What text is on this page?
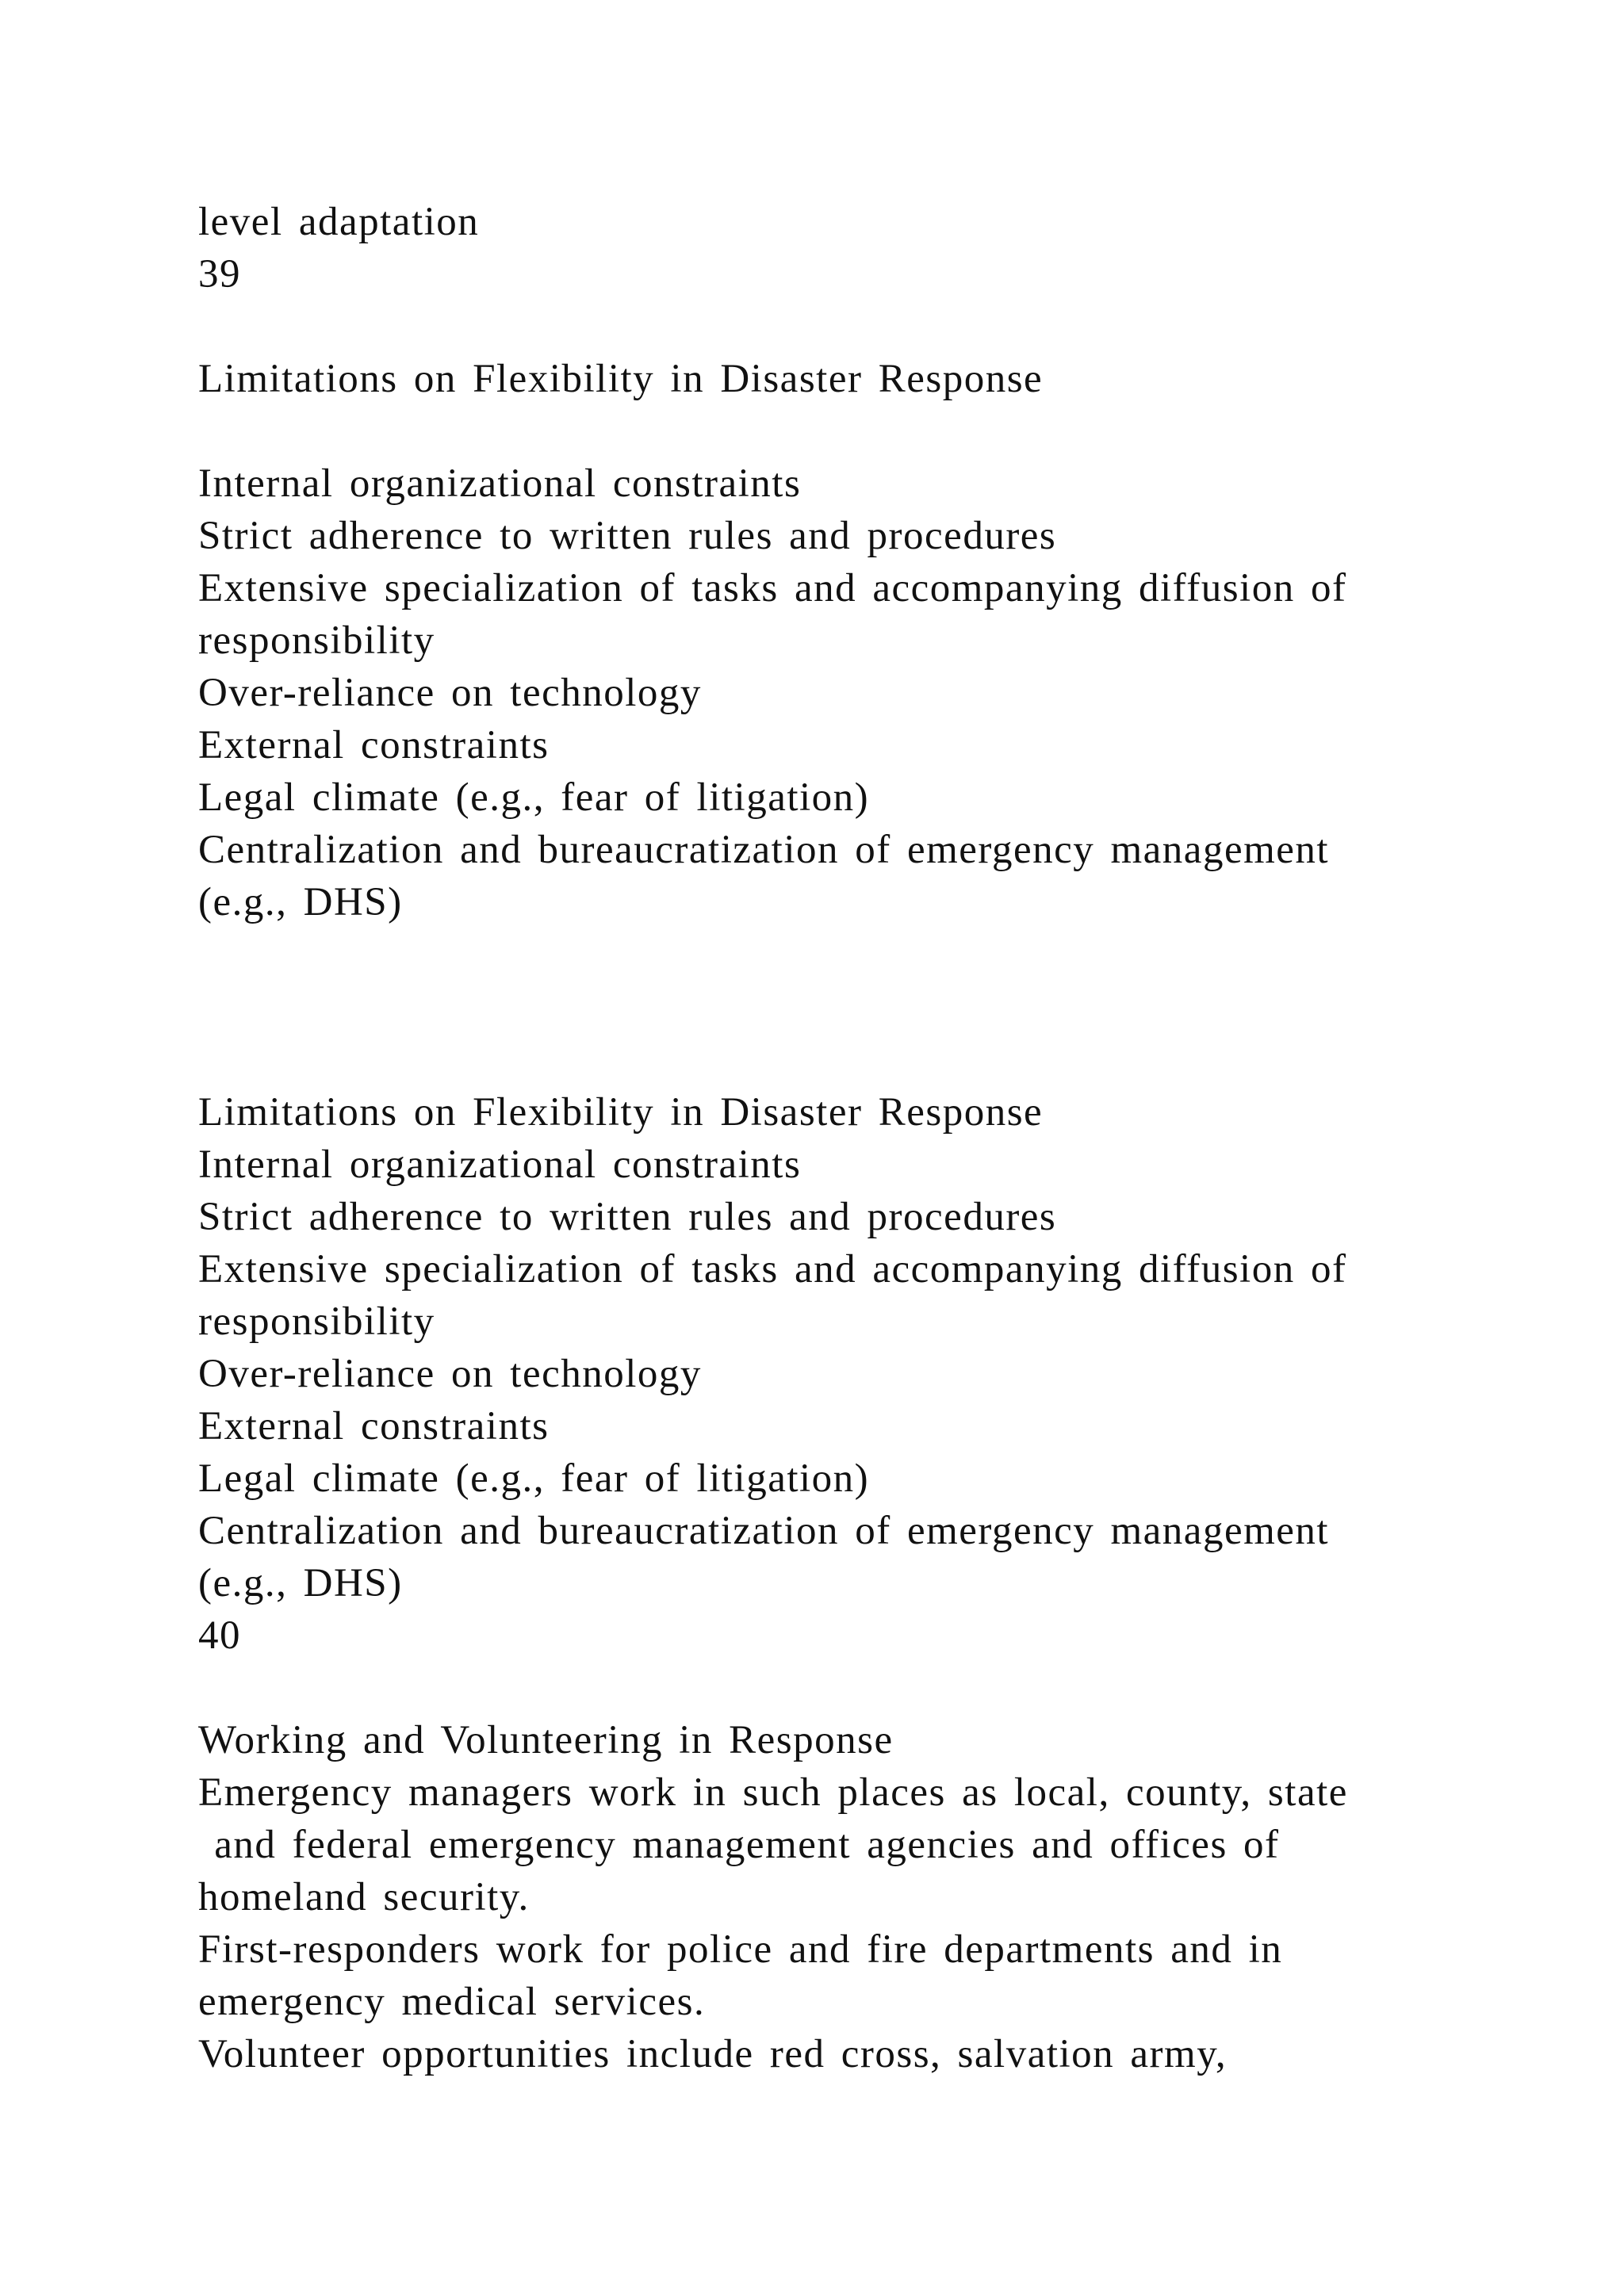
level adaptation
39
Limitations on Flexibility in Disaster Response
Internal organizational constraints
Strict adherence to written rules and procedures
Extensive specialization of tasks and accompanying diffusion of
responsibility
Over-reliance on technology
External constraints
Legal climate (e.g., fear of litigation)
Centralization and bureaucratization of emergency management
(e.g., DHS)
Limitations on Flexibility in Disaster Response
Internal organizational constraints
Strict adherence to written rules and procedures
Extensive specialization of tasks and accompanying diffusion of
responsibility
Over-reliance on technology
External constraints
Legal climate (e.g., fear of litigation)
Centralization and bureaucratization of emergency management
(e.g., DHS)
40
Working and Volunteering in Response
Emergency managers work in such places as local, county, state
and federal emergency management agencies and offices of
homeland security.
First-responders work for police and fire departments and in
emergency medical services.
Volunteer opportunities include red cross, salvation army,
